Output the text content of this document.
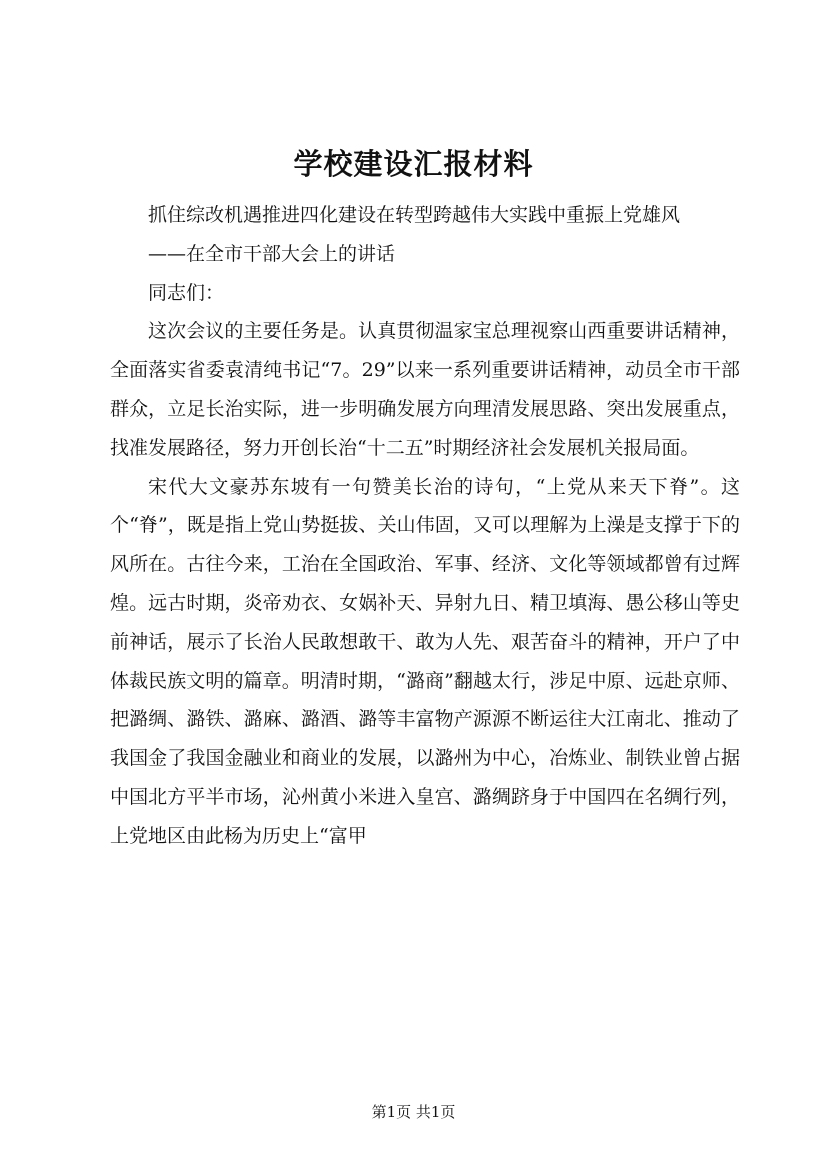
学校建设汇报材料

抓住综改机遇推进四化建设在转型跨越伟大实践中重振上党雄风

——在全市干部大会上的讲话

同志们：

这次会议的主要任务是。认真贯彻温家宝总理视察山西重要讲话精神，全面落实省委袁清纯书记“7。29”以来一系列重要讲话精神，动员全市干部群众，立足长治实际，进一步明确发展方向理清发展思路、突出发展重点，找准发展路径，努力开创长治“十二五”时期经济社会发展机关报局面。

宋代大文豪苏东坡有一句赞美长治的诗句，“上党从来天下脊”。这个“脊”，既是指上党山势挺拔、关山伟固，又可以理解为上澡是支撑于下的风所在。古往今来，工治在全国政治、军事、经济、文化等领域都曾有过辉煌。远古时期，炎帝劝衣、女娲补天、异射九日、精卫填海、愚公移山等史前神话，展示了长治人民敢想敢干、敢为人先、艰苦奋斗的精神，开户了中体裁民族文明的篇章。明清时期，“潞商”翻越太行，涉足中原、远赴京师、把潞绸、潞铁、潞麻、潞酒、潞等丰富物产源源不断运往大江南北、推动了我国金了我国金融业和商业的发展，以潞州为中心，冶炼业、制铁业曾占据中国北方平半市场，沁州黄小米进入皇宫、潞绸跻身于中国四在名绸行列，上党地区由此杨为历史上“富甲

第1页 共1页
